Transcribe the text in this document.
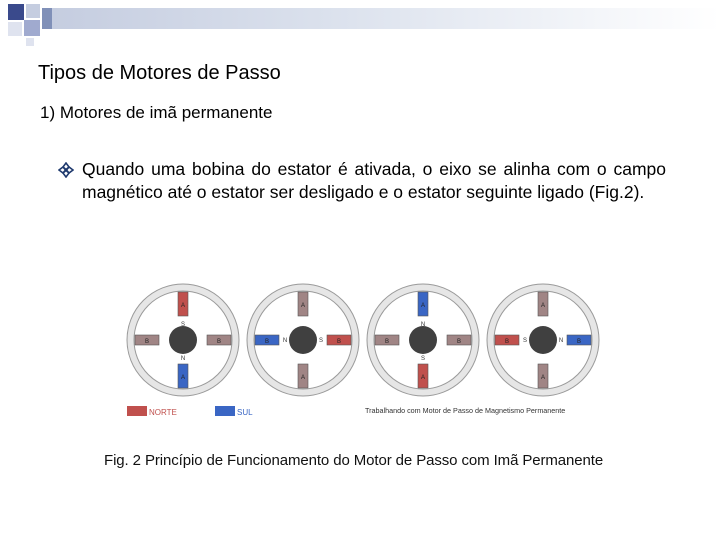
Tipos de Motores de Passo
1) Motores de imã permanente
Quando uma bobina do estator é ativada, o eixo se alinha com o campo magnético até o estator ser desligado e o estator seguinte ligado (Fig.2).
A
A
B	B
S
N
A
A
B	B
N	S
A
A
B	B
N
S
A
A
B	B
S	N
NORTE	SUL	Trabalhando com Motor de Passo de Magnetismo Permanente
Fig. 2 Princípio de Funcionamento do Motor de Passo com Imã Permanente
